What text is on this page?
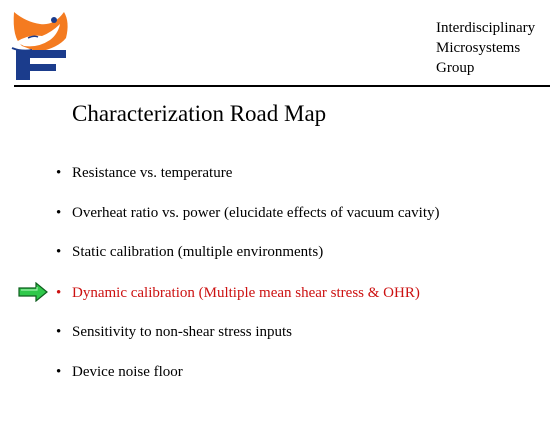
Interdisciplinary
Microsystems
Group
Characterization Road Map
• Resistance vs. temperature
• Overheat ratio vs. power (elucidate effects of vacuum cavity)
• Static calibration (multiple environments)
• Dynamic calibration (Multiple mean shear stress & OHR)
• Sensitivity to non-shear stress inputs
• Device noise floor
